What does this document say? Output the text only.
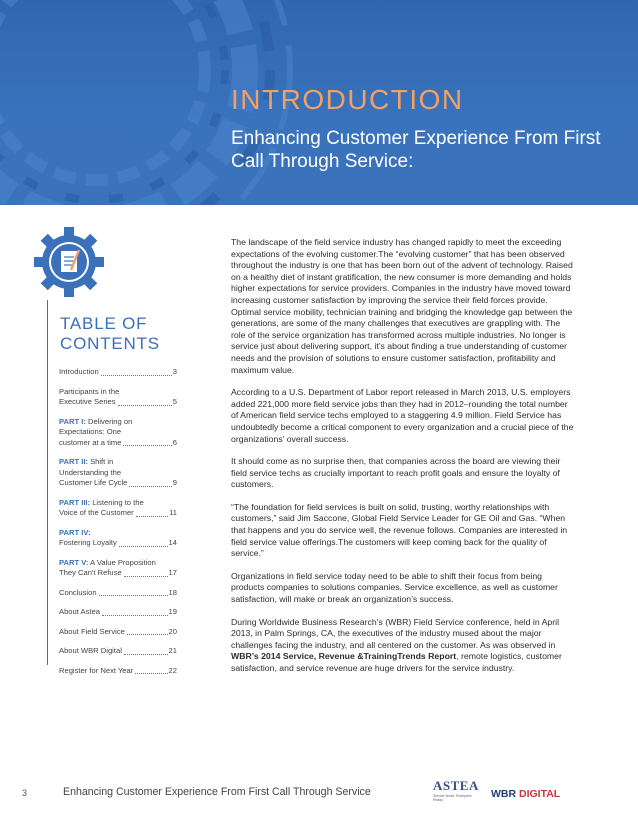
INTRODUCTION
Enhancing Customer Experience From First Call Through Service:
TABLE OF CONTENTS
Introduction	3
Participants in the
Executive Series	5
PART I: Delivering on
Expectations: One
customer at a time	6
PART II: Shift in
Understanding the
Customer Life Cycle	9
PART III: Listening to the
Voice of the Customer	11
PART IV:
Fostering Loyalty	14
PART V: A Value Proposition
They Can't Refuse	17
Conclusion	18
About Astea	19
About Field Service	20
About WBR Digital	21
Register for Next Year	22

The landscape of the field service industry has changed rapidly to meet the exceeding expectations of the evolving customer.The “evolving customer” that has been observed throughout the industry is one that has been born out of the advent of technology. Raised on a healthy diet of instant gratification, the new consumer is more demanding and holds higher expectations for service providers. Companies in the industry have moved toward increasing customer satisfaction by improving the service their field forces provide. Optimal service mobility, technician training and bridging the knowledge gap between the generations, are some of the many challenges that executives are grappling with. The role of the service organization has transformed across multiple industries. No longer is service just about delivering support, it’s about finding a true understanding of customer needs and the provision of solutions to ensure customer satisfaction, profitability and maximum value.

According to a U.S. Department of Labor report released in March 2013, U.S. employers added 221,000 more field service jobs than they had in 2012–rounding the total number of American field service techs employed to a staggering 4.9 million. Field Service has undoubtedly become a critical component to every organization and a crucial piece of the organizations’ overall success.

It should come as no surprise then, that companies across the board are viewing their field service techs as crucially important to reach profit goals and ensure the loyalty of customers.

“The foundation for field services is built on solid, trusting, worthy relationships with customers,” said Jim Saccone, Global Field Service Leader for GE Oil and Gas. “When that happens and you do service well, the revenue follows. Companies are interested in field service value offerings.The customers will keep coming back for the quality of service.”

Organizations in field service today need to be able to shift their focus from being products companies to solutions companies. Service excellence, as well as customer satisfaction, will make or break an organization’s success.

During Worldwide Business Research’s (WBR) Field Service conference, held in April 2013, in Palm Springs, CA, the executives of the industry mused about the major challenges facing the industry, and all centered on the customer. As was observed in WBR’s 2014 Service, Revenue &TrainingTrends Report, remote logistics, customer satisfaction, and service revenue are huge drivers for the service industry.

3	Enhancing Customer Experience From First Call Through Service	ASTEA
Service Smart. Enterprise Ready.	WBR DIGITAL
